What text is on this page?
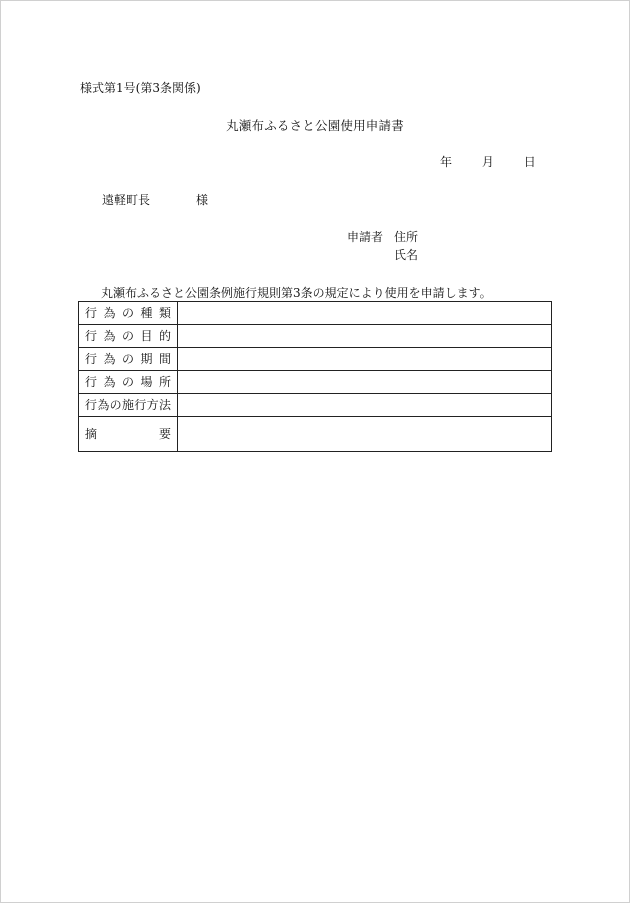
様式第1号(第3条関係)
丸瀬布ふるさと公園使用申請書
年 月 日
遠軽町長	様
申請者 住所
氏名
丸瀬布ふるさと公園条例施行規則第3条の規定により使用を申請します。
行為の種類	
行為の目的	
行為の期間	
行為の場所	
行為の施行方法	
摘要	
